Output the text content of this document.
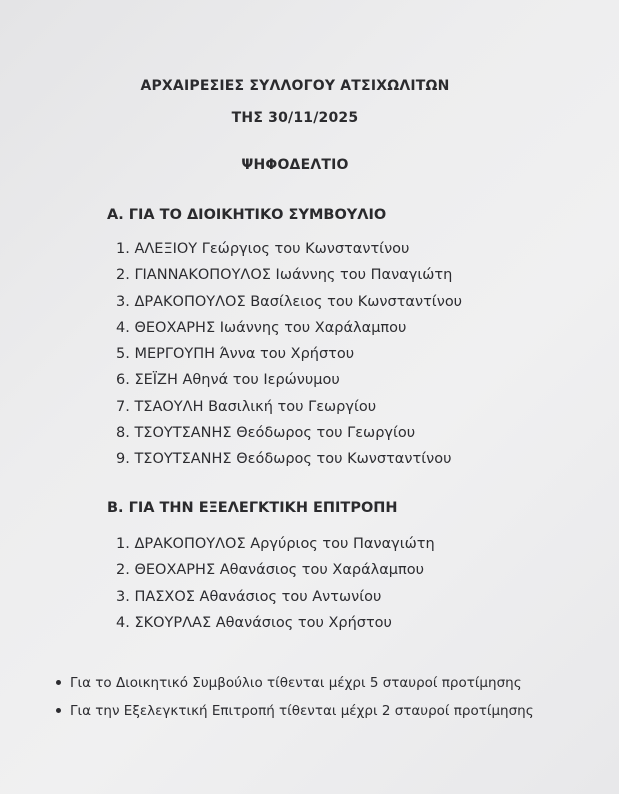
ΑΡΧΑΙΡΕΣΙΕΣ ΣΥΛΛΟΓΟΥ ΑΤΣΙΧΩΛΙΤΩΝ
ΤΗΣ 30/11/2025
ΨΗΦΟΔΕΛΤΙΟ
Α. ΓΙΑ ΤΟ ΔΙΟΙΚΗΤΙΚΟ ΣΥΜΒΟΥΛΙΟ
1. ΑΛΕΞΙΟΥ Γεώργιος του Κωνσταντίνου
2. ΓΙΑΝΝΑΚΟΠΟΥΛΟΣ Ιωάννης του Παναγιώτη
3. ΔΡΑΚΟΠΟΥΛΟΣ Βασίλειος του Κωνσταντίνου
4. ΘΕΟΧΑΡΗΣ Ιωάννης του Χαράλαμπου
5. ΜΕΡΓΟΥΠΗ Άννα του Χρήστου
6. ΣΕΪΖΗ Αθηνά του Ιερώνυμου
7. ΤΣΑΟΥΛΗ Βασιλική του Γεωργίου
8. ΤΣΟΥΤΣΑΝΗΣ Θεόδωρος του Γεωργίου
9. ΤΣΟΥΤΣΑΝΗΣ Θεόδωρος του Κωνσταντίνου
Β. ΓΙΑ ΤΗΝ ΕΞΕΛΕΓΚΤΙΚΗ ΕΠΙΤΡΟΠΗ
1. ΔΡΑΚΟΠΟΥΛΟΣ Αργύριος του Παναγιώτη
2. ΘΕΟΧΑΡΗΣ Αθανάσιος του Χαράλαμπου
3. ΠΑΣΧΟΣ Αθανάσιος του Αντωνίου
4. ΣΚΟΥΡΛΑΣ Αθανάσιος του Χρήστου
Για το Διοικητικό Συμβούλιο τίθενται μέχρι 5 σταυροί προτίμησης
Για την Εξελεγκτική Επιτροπή τίθενται μέχρι 2 σταυροί προτίμησης
